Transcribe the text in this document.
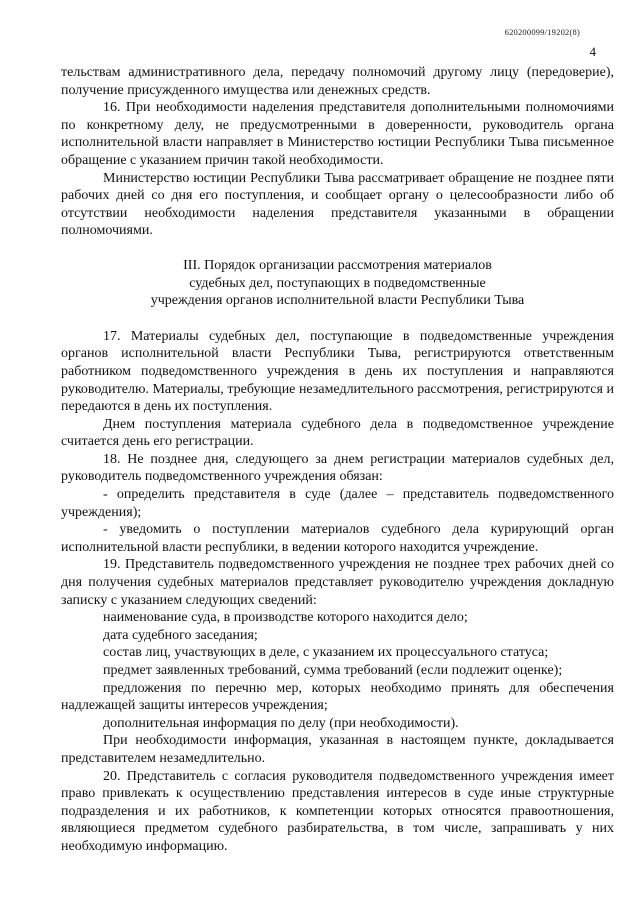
620200099/19202(8)
4

тельствам административного дела, передачу полномочий другому лицу (передоверие), получение присужденного имущества или денежных средств.

16. При необходимости наделения представителя дополнительными полномочиями по конкретному делу, не предусмотренными в доверенности, руководитель органа исполнительной власти направляет в Министерство юстиции Республики Тыва письменное обращение с указанием причин такой необходимости.

Министерство юстиции Республики Тыва рассматривает обращение не позднее пяти рабочих дней со дня его поступления, и сообщает органу о целесообразности либо об отсутствии необходимости наделения представителя указанными в обращении полномочиями.

III. Порядок организации рассмотрения материалов
судебных дел, поступающих в подведомственные
учреждения органов исполнительной власти Республики Тыва

17. Материалы судебных дел, поступающие в подведомственные учреждения органов исполнительной власти Республики Тыва, регистрируются ответственным работником подведомственного учреждения в день их поступления и направляются руководителю. Материалы, требующие незамедлительного рассмотрения, регистрируются и передаются в день их поступления.

Днем поступления материала судебного дела в подведомственное учреждение считается день его регистрации.

18. Не позднее дня, следующего за днем регистрации материалов судебных дел, руководитель подведомственного учреждения обязан:

- определить представителя в суде (далее – представитель подведомственного учреждения);

- уведомить о поступлении материалов судебного дела курирующий орган исполнительной власти республики, в ведении которого находится учреждение.

19. Представитель подведомственного учреждения не позднее трех рабочих дней со дня получения судебных материалов представляет руководителю учреждения докладную записку с указанием следующих сведений:

наименование суда, в производстве которого находится дело;

дата судебного заседания;

состав лиц, участвующих в деле, с указанием их процессуального статуса;

предмет заявленных требований, сумма требований (если подлежит оценке);

предложения по перечню мер, которых необходимо принять для обеспечения надлежащей защиты интересов учреждения;

дополнительная информация по делу (при необходимости).

При необходимости информация, указанная в настоящем пункте, докладывается представителем незамедлительно.

20. Представитель с согласия руководителя подведомственного учреждения имеет право привлекать к осуществлению представления интересов в суде иные структурные подразделения и их работников, к компетенции которых относятся правоотношения, являющиеся предметом судебного разбирательства, в том числе, запрашивать у них необходимую информацию.
